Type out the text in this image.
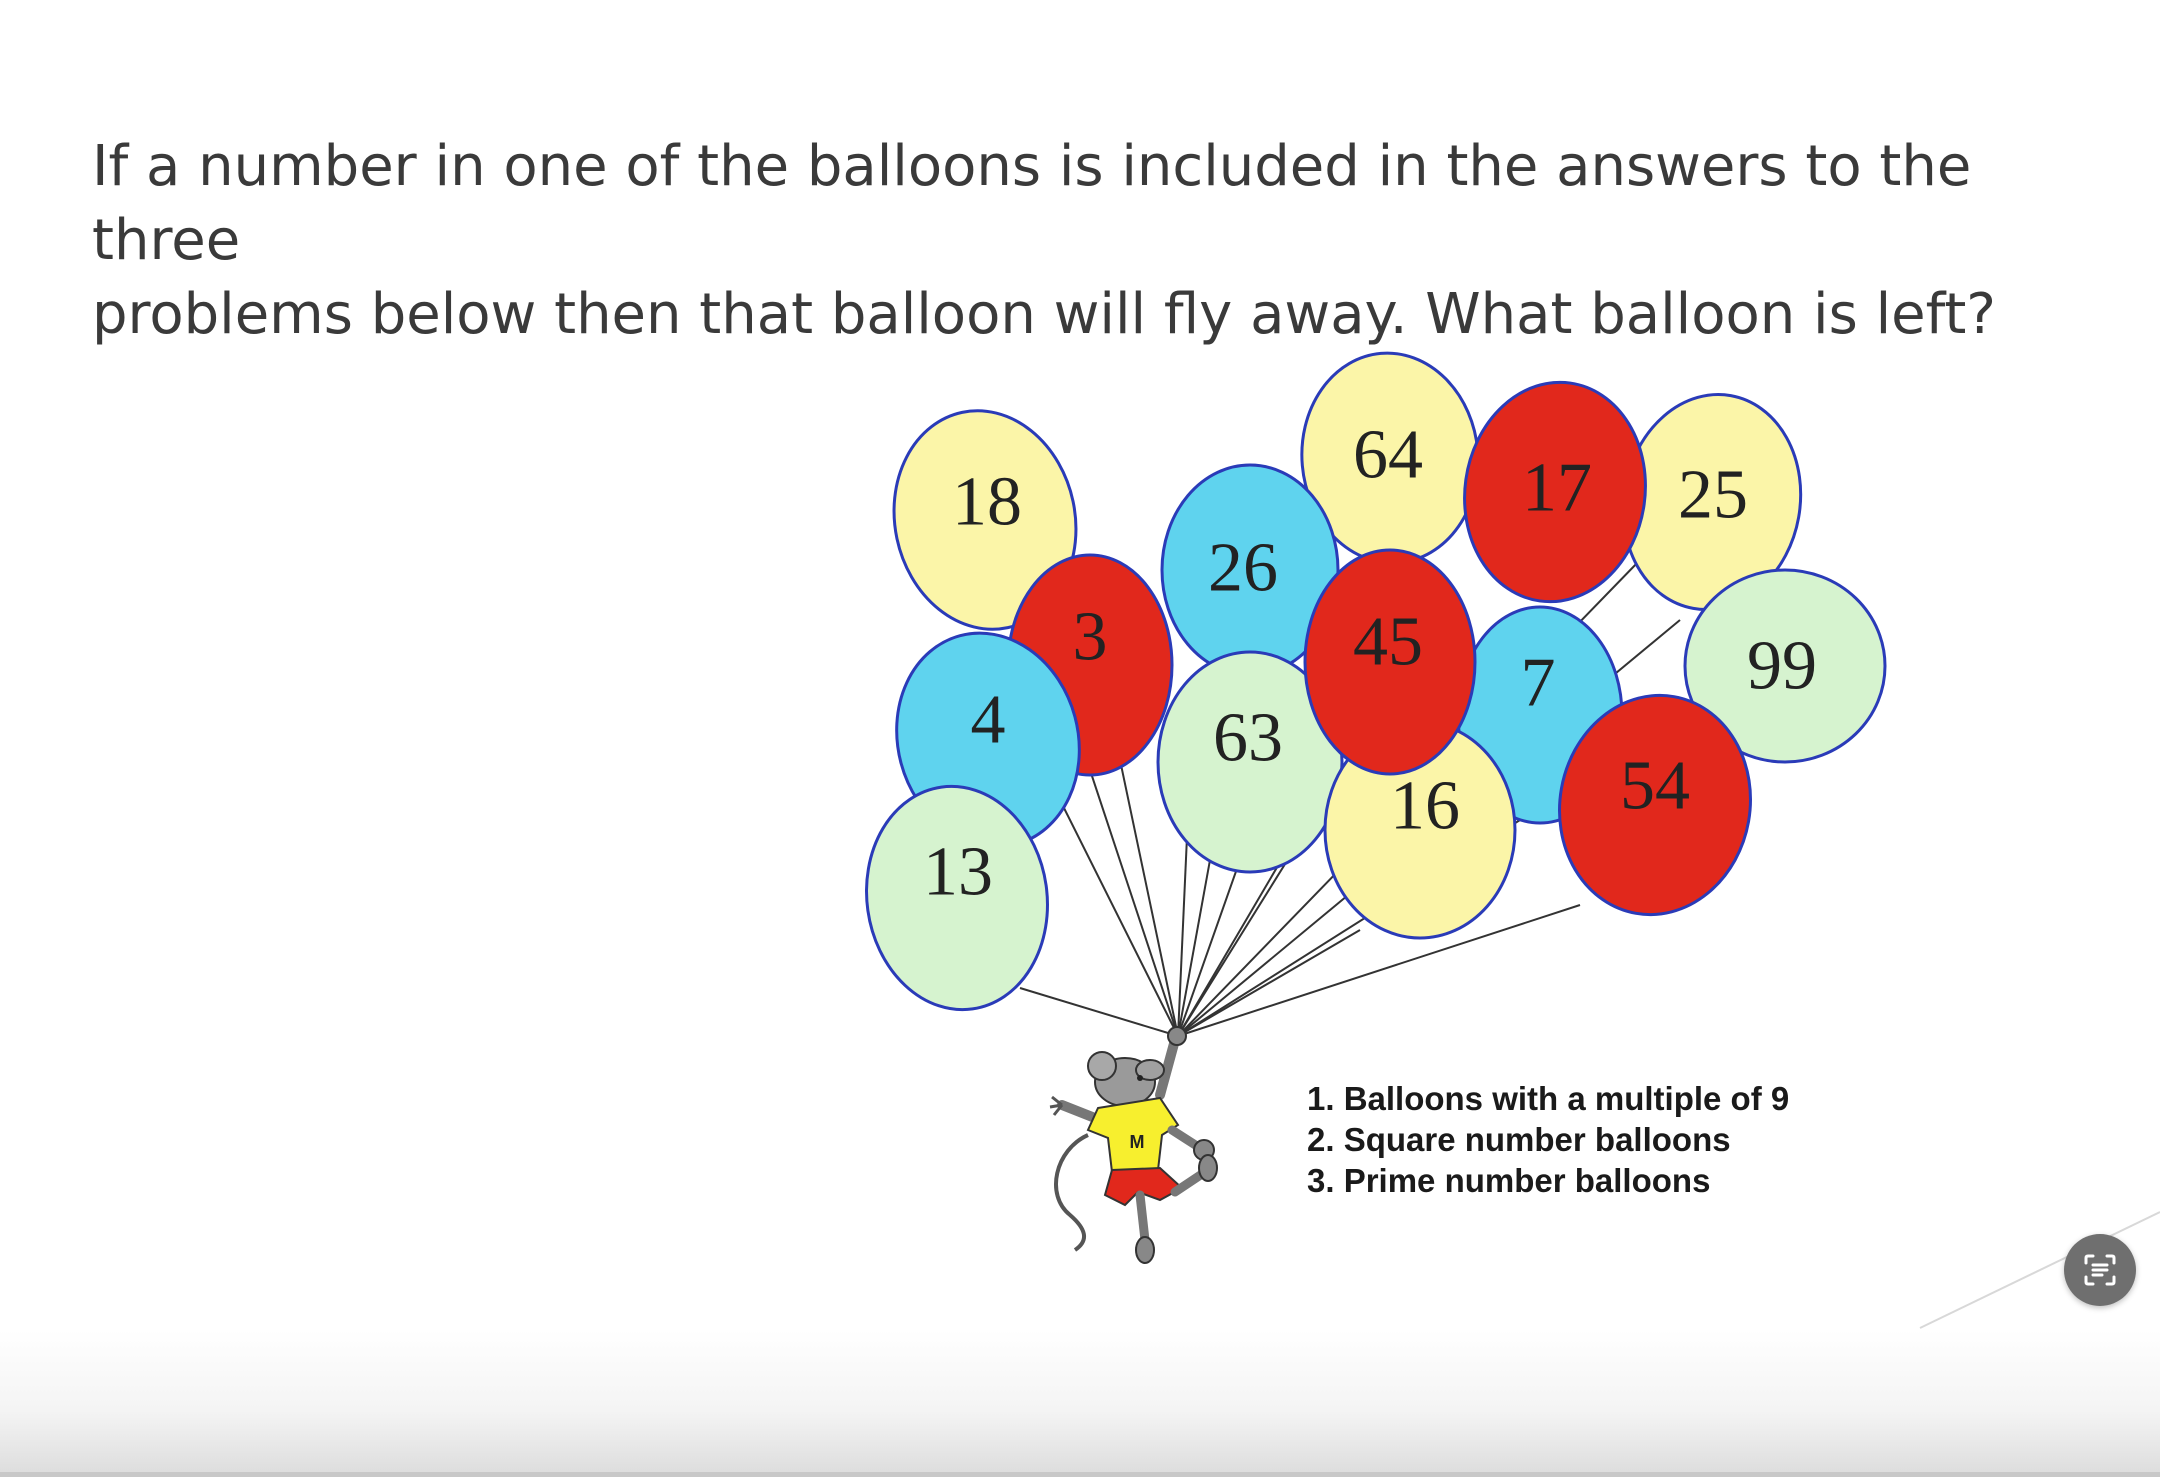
If a number in one of the balloons is included in the answers to the three
problems below then that balloon will fly away. What balloon is left?
64
25
17
18
26
99
7
3
4	63
16
45
54
13
M
1. Balloons with a multiple of 9
2. Square number balloons
3. Prime number balloons
